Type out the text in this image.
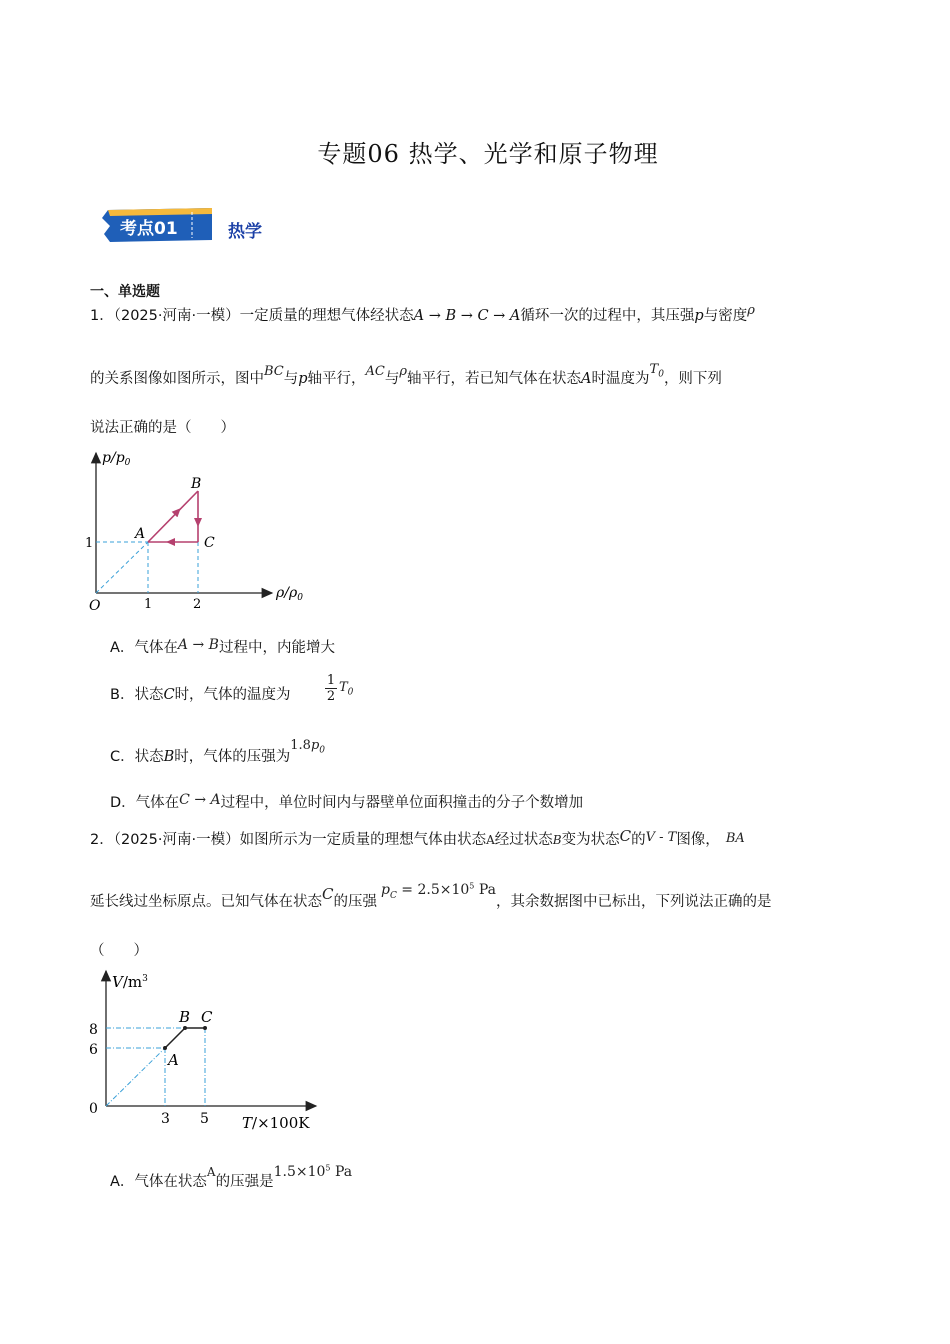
专题06 热学、光学和原子物理
考点01	热学
一、单选题
1．（2025·河南·一模）一定质量的理想气体经状态A → B → C → A循环一次的过程中，其压强p与密度ρ
的关系图像如图所示，图中BC与p轴平行，AC与ρ轴平行，若已知气体在状态A时温度为$T_0$，则下列
说法正确的是（　　）
$p/p_0$
$\rho/\rho_0$
O	1	2
1
A
B
C
A．气体在A → B过程中，内能增大
B．状态C时，气体的温度为	$\frac{1}{2} T_0$
C．状态B时，气体的压强为$1.8p_0$
D．气体在C → A过程中，单位时间内与器壁单位面积撞击的分子个数增加
2．（2025·河南·一模）如图所示为一定质量的理想气体由状态A经过状态B变为状态C的V - T图像， BA
延长线过坐标原点。已知气体在状态C的压强$p_C = 2.5\times 10^5$ Pa，其余数据图中已标出，下列说法正确的是
（　　）
$V/m^3$
T/×100K
0
3 5
6
8
A
B C
A．气体在状态$^A$的压强是$1.5\times 10^5$ Pa
